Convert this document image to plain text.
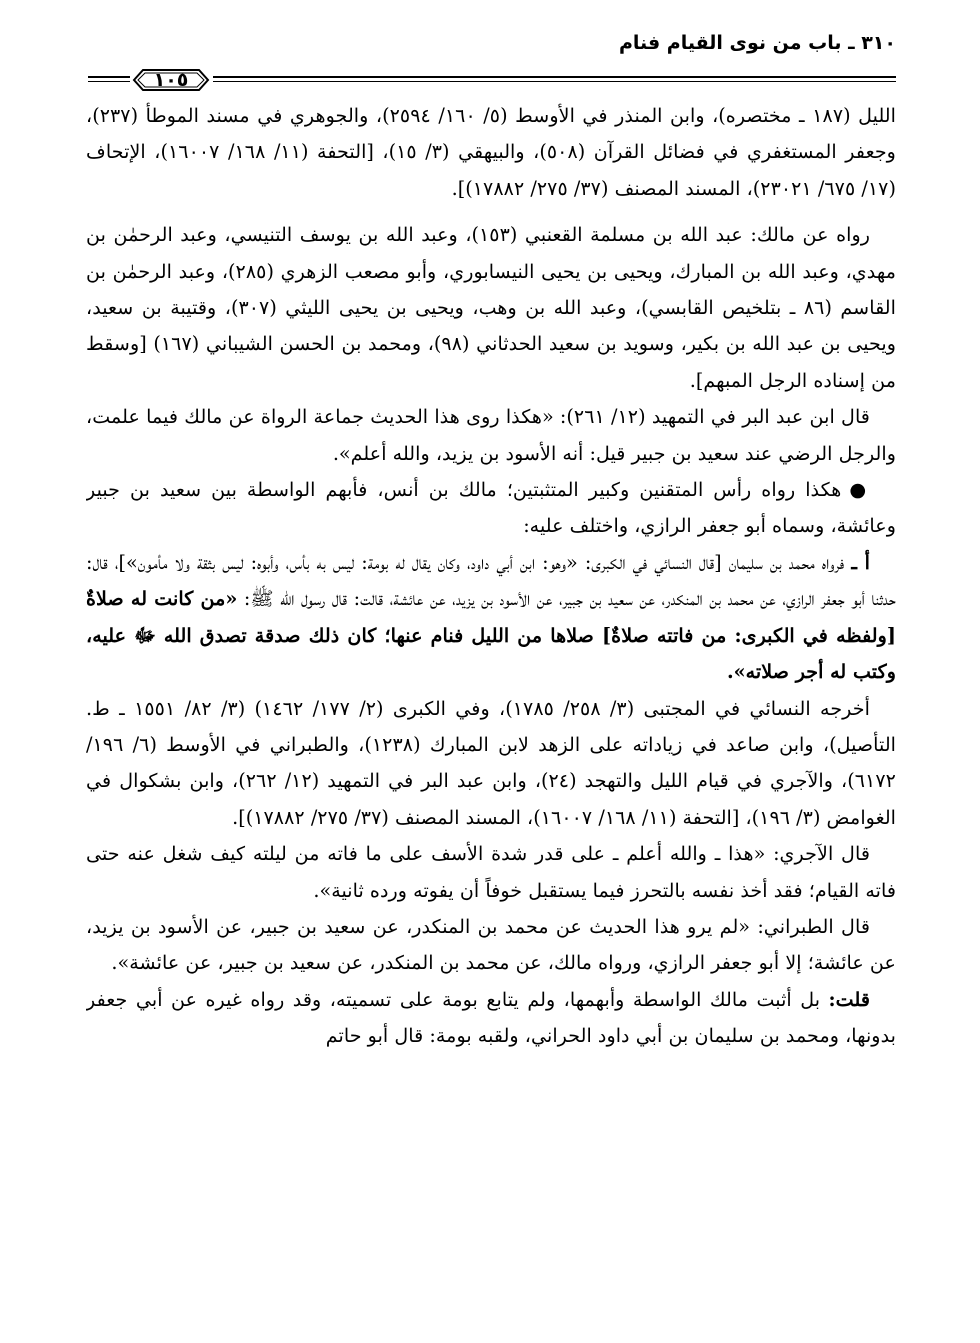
٣١٠ ـ باب من نوى القيام فنام
١٠٥

الليل (١٨٧ ـ مختصره)، وابن المنذر في الأوسط (٥/ ١٦٠/ ٢٥٩٤)، والجوهري في مسند الموطأ (٢٣٧)، وجعفر المستغفري في فضائل القرآن (٥٠٨)، والبيهقي (٣/ ١٥)، [التحفة (١١/ ١٦٨/ ١٦٠٠٧)، الإتحاف (١٧/ ٦٧٥/ ٢٣٠٢١)، المسند المصنف (٣٧/ ٢٧٥/ ١٧٨٨٢)].

رواه عن مالك: عبد الله بن مسلمة القعنبي (١٥٣)، وعبد الله بن يوسف التنيسي، وعبد الرحمٰن بن مهدي، وعبد الله بن المبارك، ويحيى بن يحيى النيسابوري، وأبو مصعب الزهري (٢٨٥)، وعبد الرحمٰن بن القاسم (٨٦ ـ بتلخيص القابسي)، وعبد الله بن وهب، ويحيى بن يحيى الليثي (٣٠٧)، وقتيبة بن سعيد، ويحيى بن عبد الله بن بكير، وسويد بن سعيد الحدثاني (٩٨)، ومحمد بن الحسن الشيباني (١٦٧) [وسقط من إسناده الرجل المبهم].

قال ابن عبد البر في التمهيد (١٢/ ٢٦١): «هكذا روى هذا الحديث جماعة الرواة عن مالك فيما علمت، والرجل الرضي عند سعيد بن جبير قيل: أنه الأسود بن يزيد، والله أعلم».

●هكذا رواه رأس المتقنين وكبير المتثبتين؛ مالك بن أنس، فأبهم الواسطة بين سعيد بن جبير وعائشة، وسماه أبو جعفر الرازي، واختلف عليه:

أ ـ فرواه محمد بن سليمان [قال النسائي في الكبرى: «وهو: ابن أبي داود، وكان يقال له بومة: ليس به بأس، وأبوه: ليس بثقة ولا مأمون»]، قال: حدثنا أبو جعفر الرازي، عن محمد بن المنكدر، عن سعيد بن جبير، عن الأسود بن يزيد، عن عائشة، قالت: قال رسول الله ﷺ: «من كانت له صلاةٌ [ولفظه في الكبرى: من فاتته صلاةٌ] صلاها من الليل فنام عنها؛ كان ذلك صدقة تصدق الله ﷻ عليه، وكتب له أجر صلاته».

أخرجه النسائي في المجتبى (٣/ ٢٥٨/ ١٧٨٥)، وفي الكبرى (٢/ ١٧٧/ ١٤٦٢) (٣/ ٨٢/ ١٥٥١ ـ ط. التأصيل)، وابن صاعد في زياداته على الزهد لابن المبارك (١٢٣٨)، والطبراني في الأوسط (٦/ ١٩٦/ ٦١٧٢)، والآجري في قيام الليل والتهجد (٢٤)، وابن عبد البر في التمهيد (١٢/ ٢٦٢)، وابن بشكوال في الغوامض (٣/ ١٩٦)، [التحفة (١١/ ١٦٨/ ١٦٠٠٧)، المسند المصنف (٣٧/ ٢٧٥/ ١٧٨٨٢)].

قال الآجري: «هذا ـ والله أعلم ـ على قدر شدة الأسف على ما فاته من ليلته كيف شغل عنه حتى فاته القيام؛ فقد أخذ نفسه بالتحرز فيما يستقبل خوفاً أن يفوته ورده ثانية».

قال الطبراني: «لم يرو هذا الحديث عن محمد بن المنكدر، عن سعيد بن جبير، عن الأسود بن يزيد، عن عائشة؛ إلا أبو جعفر الرازي، ورواه مالك، عن محمد بن المنكدر، عن سعيد بن جبير، عن عائشة».

قلت: بل أثبت مالك الواسطة وأبهمها، ولم يتابع بومة على تسميته، وقد رواه غيره عن أبي جعفر بدونها، ومحمد بن سليمان بن أبي داود الحراني، ولقبه بومة: قال أبو حاتم
